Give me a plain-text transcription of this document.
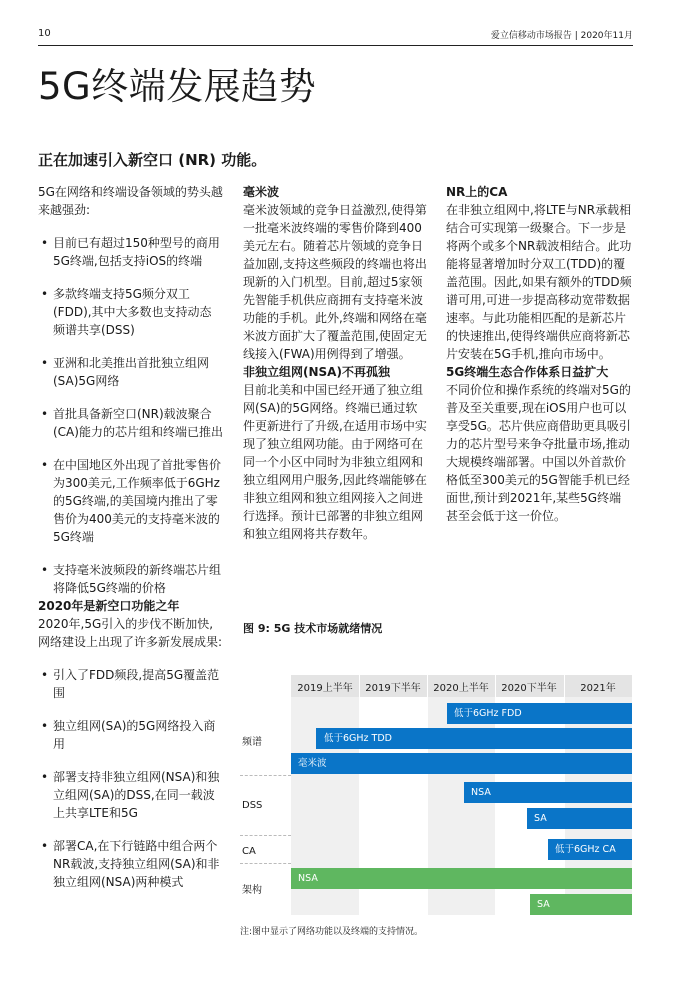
10	爱立信移动市场报告 | 2020年11月
5G终端发展趋势
正在加速引入新空口 (NR) 功能。

5G在网络和终端设备领域的势头越来越强劲:

• 目前已有超过150种型号的商用5G终端,包括支持iOS的终端
• 多款终端支持5G频分双工(FDD),其中大多数也支持动态频谱共享(DSS)
• 亚洲和北美推出首批独立组网(SA)5G网络
• 首批具备新空口(NR)载波聚合(CA)能力的芯片组和终端已推出
• 在中国地区外出现了首批零售价为300美元,工作频率低于6GHz的5G终端,的美国境内推出了零售价为400美元的支持毫米波的5G终端
• 支持毫米波频段的新终端芯片组将降低5G终端的价格

2020年是新空口功能之年

2020年,5G引入的步伐不断加快,网络建设上出现了许多新发展成果:

• 引入了FDD频段,提高5G覆盖范围
• 独立组网(SA)的5G网络投入商用
• 部署支持非独立组网(NSA)和独立组网(SA)的DSS,在同一载波上共享LTE和5G
• 部署CA,在下行链路中组合两个NR载波,支持独立组网(SA)和非独立组网(NSA)两种模式

毫米波

毫米波领域的竞争日益激烈,使得第一批毫米波终端的零售价降到400美元左右。随着芯片领域的竞争日益加剧,支持这些频段的终端也将出现新的入门机型。目前,超过5家领先智能手机供应商拥有支持毫米波功能的手机。此外,终端和网络在毫米波方面扩大了覆盖范围,使固定无线接入(FWA)用例得到了增强。

非独立组网(NSA)不再孤独

目前北美和中国已经开通了独立组网(SA)的5G网络。终端已通过软件更新进行了升级,在适用市场中实现了独立组网功能。由于网络可在同一个小区中同时为非独立组网和独立组网用户服务,因此终端能够在非独立组网和独立组网接入之间进行选择。预计已部署的非独立组网和独立组网将共存数年。

NR上的CA

在非独立组网中,将LTE与NR承载相结合可实现第一级聚合。下一步是将两个或多个NR载波相结合。此功能将显著增加时分双工(TDD)的覆盖范围。因此,如果有额外的TDD频谱可用,可进一步提高移动宽带数据速率。与此功能相匹配的是新芯片的快速推出,使得终端供应商将新芯片安装在5G手机,推向市场中。

5G终端生态合作体系日益扩大

不同价位和操作系统的终端对5G的普及至关重要,现在iOS用户也可以享受5G。芯片供应商借助更具吸引力的芯片型号来争夺批量市场,推动大规模终端部署。中国以外首款价格低至300美元的5G智能手机已经面世,预计到2021年,某些5G终端甚至会低于这一价位。

图 9: 5G 技术市场就绪情况
2019上半年	2019下半年	2020上半年	2020下半年	2021年
频谱
DSS
CA
架构
低于6GHz FDD
低于6GHz TDD
毫米波
NSA
SA
低于6GHz CA
NSA
SA
注:图中显示了网络功能以及终端的支持情况。
